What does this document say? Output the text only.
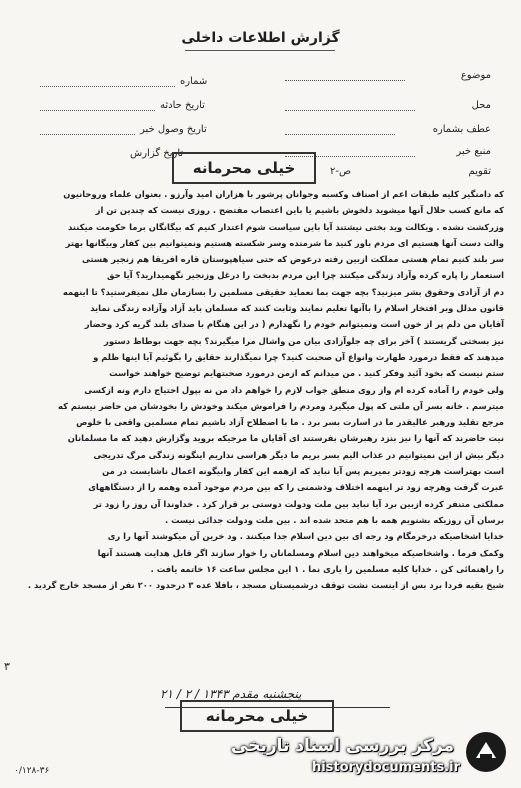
گزارش اطلاعات داخلی
موضوع
محل
عطف بشماره
منبع خبر
تقویم
شماره
تاریخ حادثه
تاریخ وصول خبر
تاریخ گزارش
ص-۲
خیلی محرمانه

که دامنگیر کلیه طبقات اعم از اصناف وکسبه وجوانان پرشور با هزاران امید وآرزو . بعنوان علماء وروحانیون

که مانع کسب حلال آنها میشوید دلخوش باشیم یا باین اعتصاب مفتضح . روزی نیست که چندین تن از

وزرکشت نشده . ویکالت وید بختی نیشتند آیا باین سیاست شوم اعتدار کنیم که بیگانگان برما حکومت میکنند

والت دست آنها هستیم ای مردم باور کنید ما شرمنده وسر شکسته هستیم ونمیتوانیم بین کفار وبیگانها بهتر

سر بلند کنیم تمام هستی مملکت ازبین رفته درعوض که حتی سیاهپوستان قاره افریقا هم زنجیر هستی

استعمار را پاره کرده وآزاد زندگی میکنند چرا این مردم بدبخت را درغل وزنجیر نگهمیدارید؟ آیا حق

دم از آزادی وحقوق بشر میزنید؟ بچه جهت بما نعماید حقیقی مسلمین را بسازمان ملل نمیفرستید؟ تا اینهمه

قانون مدلل وبر افتخار اسلام را باآنها تعلیم نمایند وثابت کنند که مسلمان باید آزاد وآزاده زندگی نماید

آقایان من دلم پر از خون است ونمیتوانم خودم را نگهدارم ( در این هنگام با صدای بلند گریه کرد وحضار

نیز بسختی گریستند ) آخر برای چه جلوآزادی بیان من واشال مرا میگیرند؟ بچه جهت بوطاظ دستور

میدهند که فقط درمورد طهارت وانواع آن صحبت کنید؟ چرا نمیگذارند حقایق را بگوئیم آیا اینها ظلم و

ستم نیست که بخود آئید وفکر کنید . من میدانم که ازمن درمورد صحبتهایم توضیح خواهند خواست

ولی خودم را آماده کرده ام واز روی منطق جواب لازم را خواهم داد من نه بپول احتیاج دارم ونه ازکسی

میترسم . خانه بسر آن ملتی که پول میگیرد ومردم را فراموش میکند وخودش را بخودشان من حاضر نیستم که

مرجع تقلید ورهبر عالیقدر ما در اسارت بسر برد . ما با اصطلاح آزاد باشیم تمام مسلمین واقعی با خلوص

نیت حاضرند که آنها را نیز بنزد رهبرشان بفرستند ای آقایان ما مرجیکه بروید وگزارش دهید که ما مسلمانان

دیگر بیش از این نمیتوانیم در عذاب الیم بسر بریم ما دیگر هراسی نداریم اینگونه زندگی مرگ تدریجی

است بهتراست هرچه زودتر بمیریم پس آیا نباید که ازهمه این کفار وابیگونه اعمال ناشایست در من

عبرت گرفت وهرچه زود تر اینهمه اختلاف وذشمنی را که بین مردم موجود آمده وهمه را از دستگاههای

مملکتی متنفر کرده ازبین برد آیا نباید بین ملت ودولت دوستی بر قرار کرد . خداوندا آن روز را زود تر

برسان آن روزیکه بشنویم همه با هم متحد شده اند . بین ملت ودولت جدائی نیست .

خدایا اشخاصیکه درخرمگام ود رجه ای بین دین اسلام جدا میکنند . ود خرین آن میکوشند آنها را ری

وکمک فرما . واشخاصیکه میخواهند دین اسلام ومسلمانان را خوار سازند اگر قابل هدایت هستند آنها

را راهنمائی کن . خدایا کلیه مسلمین را یاری نما . ۱ این مجلس ساعت ۱۶ خاتمه یافت .

شیخ بقیه فردا برد بس از اینست نشت توقف درشمیستان مسجد ، بافلا عده ۳ درحدود ۲۰۰ نفر از مسجد خارج گردید .

۳
پنجشنبه مقدم ۱۳۴۳ / ۲ / ۲۱
خیلی محرمانه
مرکز بررسی اسناد تاریخی
historydocuments.ir
۰/۱۲۸-۳۶
